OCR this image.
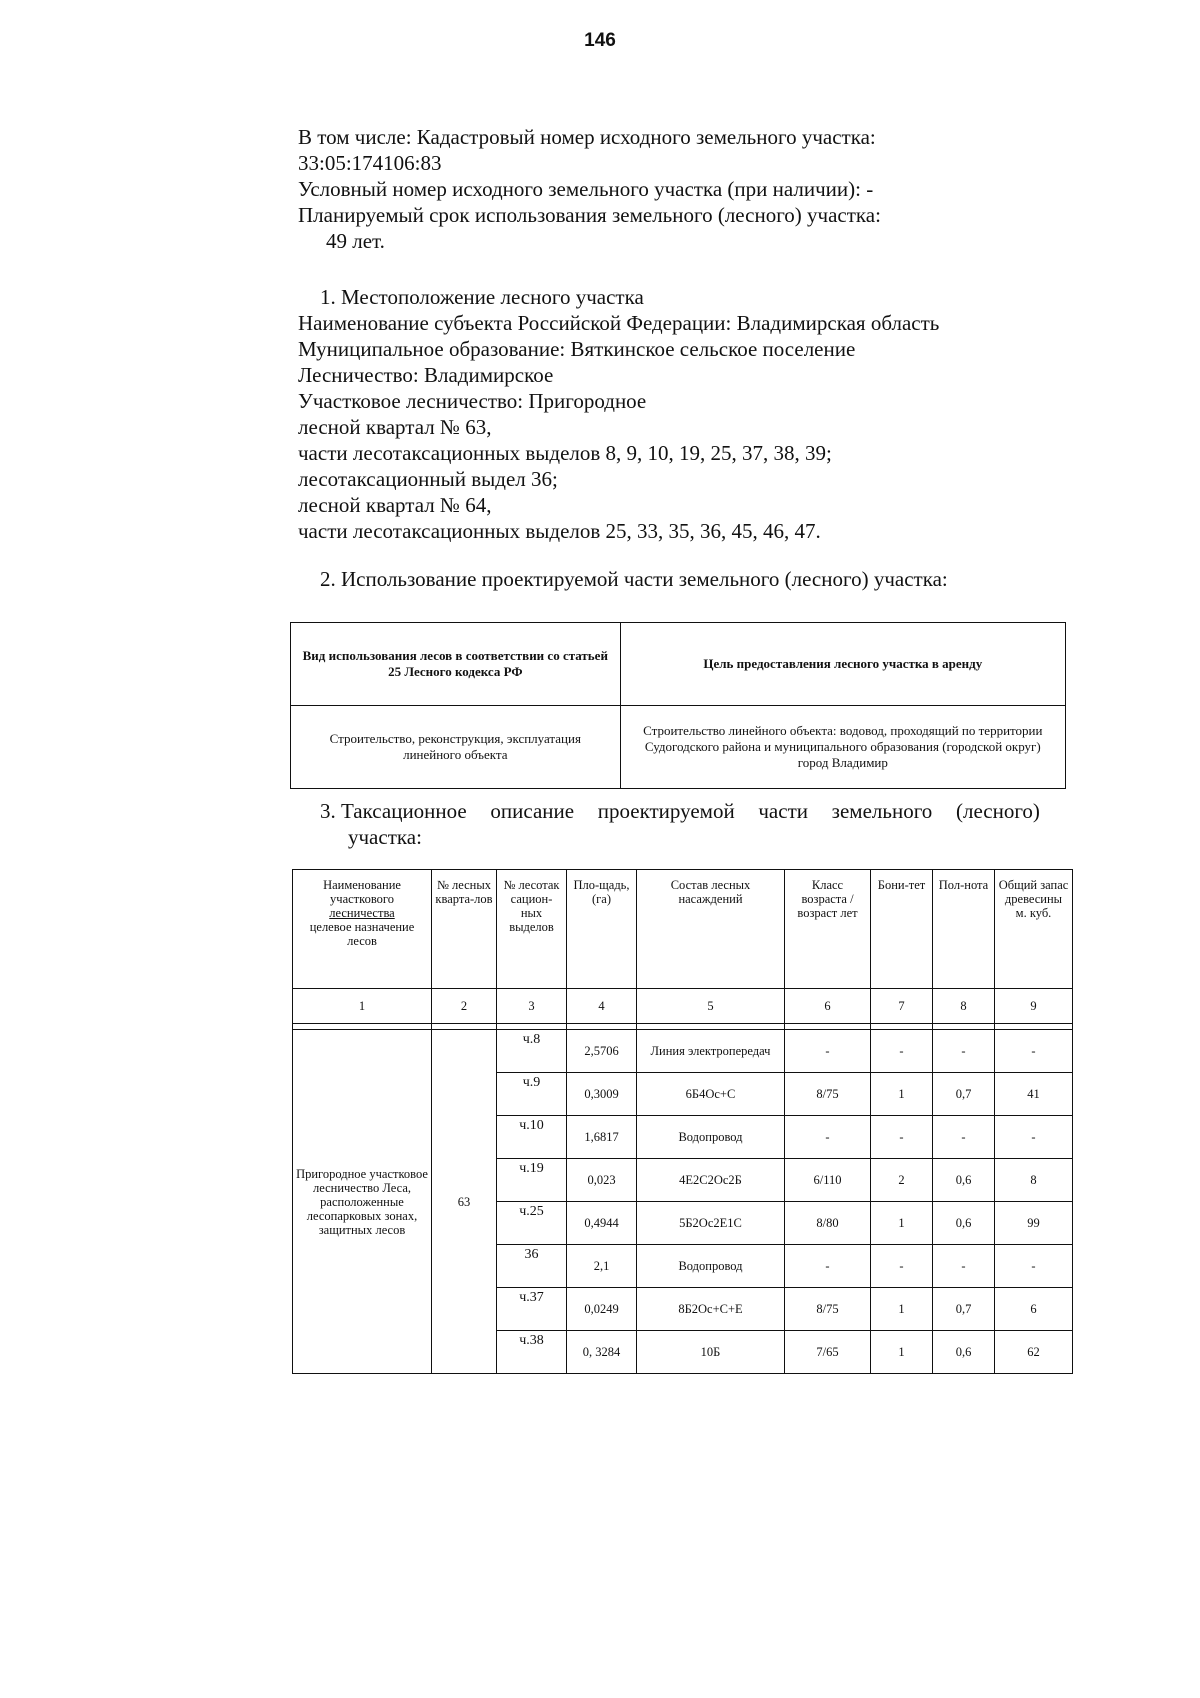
146
В том числе: Кадастровый номер исходного земельного участка:
33:05:174106:83
Условный номер исходного земельного участка (при наличии): -
Планируемый срок использования земельного (лесного) участка:
49 лет.
1. Местоположение лесного участка
Наименование субъекта Российской Федерации: Владимирская область
Муниципальное образование: Вяткинское сельское поселение
Лесничество: Владимирское
Участковое лесничество: Пригородное
лесной квартал № 63,
части лесотаксационных выделов 8, 9, 10, 19, 25, 37, 38, 39;
лесотаксационный выдел 36;
лесной квартал № 64,
части лесотаксационных выделов 25, 33, 35, 36, 45, 46, 47.
2. Использование проектируемой части земельного (лесного) участка:
Вид использования лесов в соответствии со статьей 25 Лесного кодекса РФ	Цель предоставления лесного участка в аренду
Строительство, реконструкция, эксплуатация линейного объекта	Строительство линейного объекта: водовод, проходящий по территории Судогодского района и муниципального образования (городской округ) город Владимир
3. Таксационное описание проектируемой части земельного (лесного)
участка:
Наименование участкового
лесничества
целевое назначение лесов	№ лесных кварта-лов	№ лесотак сацион-ных выделов	Пло-щадь, (га)	Состав лесных насаждений	Класс возраста /возраст лет	Бони-тет	Пол-нота	Общий запас древесины м. куб.
1	2	3	4	5	6	7	8	9

Пригородное участковое лесничество Леса, расположенные лесопарковых зонах, защитных лесов	63	ч.8	2,5706	Линия электропередач	-	-	-	-
		ч.9	0,3009	6Б4Ос+С	8/75	1	0,7	41
		ч.10	1,6817	Водопровод	-	-	-	-
		ч.19	0,023	4Е2С2Ос2Б	6/110	2	0,6	8
		ч.25	0,4944	5Б2Ос2Е1С	8/80	1	0,6	99
		36	2,1	Водопровод	-	-	-	-
		ч.37	0,0249	8Б2Ос+С+Е	8/75	1	0,7	6
		ч.38	0, 3284	10Б	7/65	1	0,6	62
